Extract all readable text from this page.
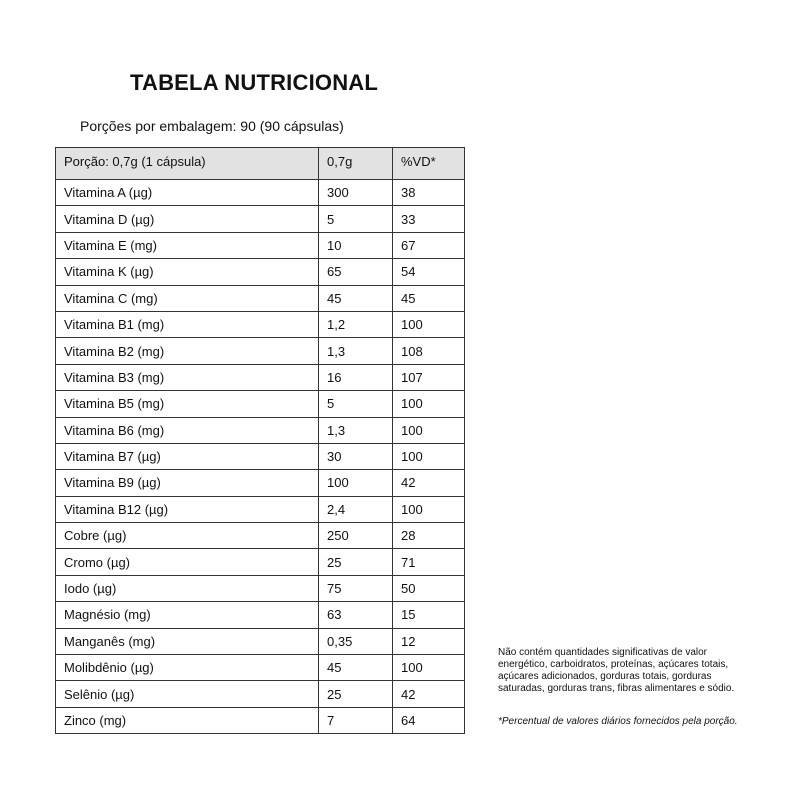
TABELA NUTRICIONAL
Porções por embalagem: 90 (90 cápsulas)
Porção: 0,7g (1 cápsula)	0,7g	%VD*
Vitamina A (µg)	300	38
Vitamina D (µg)	5	33
Vitamina E (mg)	10	67
Vitamina K (µg)	65	54
Vitamina C (mg)	45	45
Vitamina B1 (mg)	1,2	100
Vitamina B2 (mg)	1,3	108
Vitamina B3 (mg)	16	107
Vitamina B5 (mg)	5	100
Vitamina B6 (mg)	1,3	100
Vitamina B7 (µg)	30	100
Vitamina B9 (µg)	100	42
Vitamina B12 (µg)	2,4	100
Cobre (µg)	250	28
Cromo (µg)	25	71
Iodo (µg)	75	50
Magnésio (mg)	63	15
Manganês (mg)	0,35	12
Molibdênio (µg)	45	100
Selênio (µg)	25	42
Zinco (mg)	7	64
Não contém quantidades significativas de valor
energético, carboidratos, proteínas, açúcares totais,
açúcares adicionados, gorduras totais, gorduras
saturadas, gorduras trans, fibras alimentares e sódio.
*Percentual de valores diários fornecidos pela porção.
